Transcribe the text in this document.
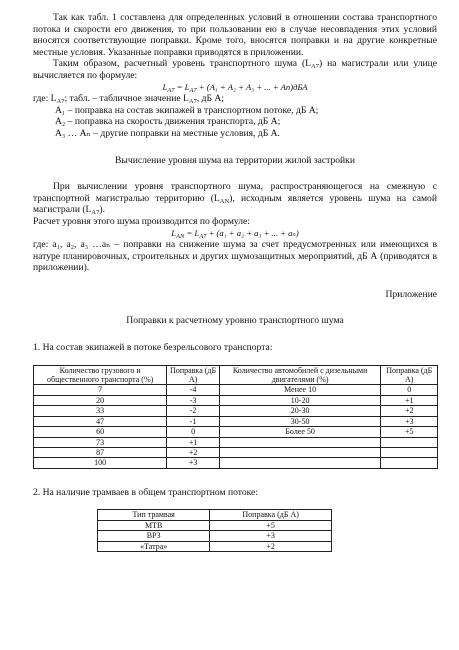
Так как табл. 1 составлена для определенных условий в отношении состава транспортного потока и скорости его движения, то при пользовании ею в случае несовпадения этих условий вносятся соответствующие поправки. Кроме того, вносятся поправки и на другие конкретные местные условия. Указанные поправки приводятся в приложении.

Таким образом, расчетный уровень транспортного шума $(L_{A7})$ на магистрали или улице вычисляется по формуле:

$L_{A7} = L_{A7} + (A_1 + A_2 + A_3$ + ... + An)дБА

где: $L_{A7}$; табл. – табличное значение $L_{A7}$, дБ А;

А₁ – поправка на состав экипажей в транспортном потоке, дБ А;

А₂ – поправка на скорость движения транспорта, дБ А;

А₃ … Аₙ – другие поправки на местные условия, дБ А.

Вычисление уровня шума на территории жилой застройки

При вычислении уровня транспортного шума, распространяющегося на смежную с транспортной магистралью территорию $(L_{AN})$, исходным является уровень шума на самой магистрали $(L_{A7})$.

Расчет уровня этого шума производится по формуле:

$L_{AN} = L_{A7} + (a_1 + a_2 + a_3$ + ... + aₙ)

где: а₁, а₂, а₃ …аₙ – поправки на снижение шума за счет предусмотренных или имеющихся в натуре планировочных, строительных и других шумозащитных мероприятий, дБ А (приводятся в приложении).

Приложение

Поправки к расчетному уровню транспортного шума

1. На состав экипажей в потоке безрельсового транспорта:

Количество грузового и общественного транспорта (%)	Поправка (дБ А)	Количество автомобилей с дизельными двигателями (%)	Поправка (дБ А)
7	-4	Менее 10	0
20	-3	10-20	+1
33	-2	20-30	+2
47	-1	30-50	+3
60	0	Более 50	+5
73	+1		
87	+2		
100	+3		

2. На наличие трамваев в общем транспортном потоке:

Тип трамвая	Поправка (дБ А)
МТВ	+5
ВРЗ	+3
«Татра»	+2
